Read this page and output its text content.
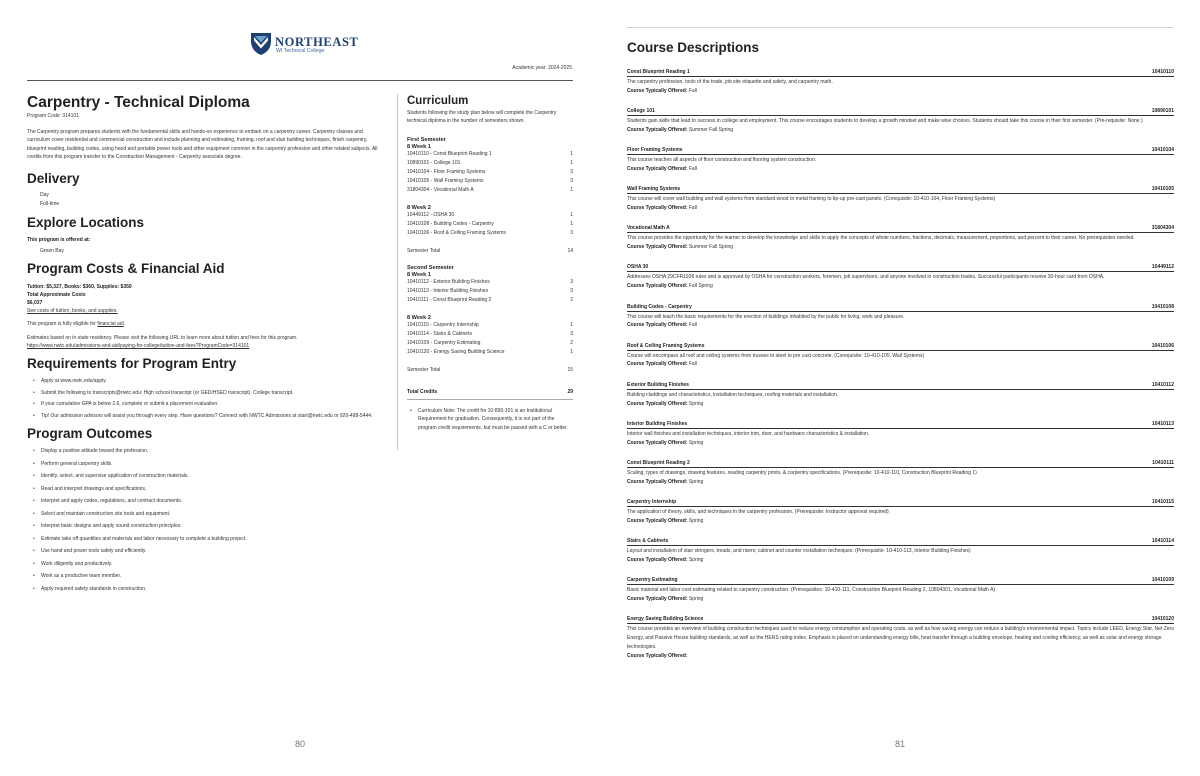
NORTHEAST
WI Technical College
Academic year: 2024-2025
Carpentry - Technical Diploma
Program Code: 314101

The Carpentry program prepares students with the fundamental skills and hands-on experience to embark on a carpentry career. Carpentry classes and curriculum cover residential and commercial construction and include planning and estimating, framing, roof and stair building techniques, finish carpentry, blueprint reading, building codes, using hand and portable power tools and other equipment common in the carpentry profession and other related subjects. All credits from this program transfer to the Construction Management - Carpentry associate degree.

Delivery
Day
Full-time
Explore Locations
This program is offered at:
Green Bay
Program Costs & Financial Aid
Tuition: $5,327, Books: $360, Supplies: $350
Total Approximate Costs
$6,037
See costs of tuition, books, and supplies.

This program is fully eligible for financial aid.

Estimates based on in-state residency. Please visit the following URL to learn more about tuition and fees for this program.

https://www.nwtc.edu/admissions-and-aid/paying-for-college/tuition-and-fees?ProgramCode=314101
Requirements for Program Entry
• Apply at www.nwtc.edu/apply.
• Submit the following to transcripts@nwtc.edu: High school transcript (or GED/HSED transcript). College transcript.
• If your cumulative GPA is below 2.6, complete or submit a placement evaluation.
• Tip! Our admission advisors will assist you through every step. Have questions? Connect with NWTC Admissions at start@nwtc.edu or 920-498-5444.
Program Outcomes
• Display a positive attitude toward the profession.
• Perform general carpentry skills.
• Identify, select, and supervise application of construction materials.
• Read and interpret drawings and specifications.
• Interpret and apply codes, regulations, and contract documents.
• Select and maintain construction site tools and equipment.
• Interpret basic designs and apply sound construction principles.
• Estimate take off quantities and materials and labor necessary to complete a building project.
• Use hand and power tools safely and efficiently.
• Work diligently and productively.
• Work as a productive team member.
• Apply required safety standards in construction.
Curriculum

Students following the study plan below will complete the Carpentry technical diploma in the number of semesters shown.

First Semester
8 Week 1
10410110 - Const Blueprint Reading 1	1
10890101 - College 101	1
10410104 - Floor Framing Systems	3
10410105 - Wall Framing Systems	3
31804304 - Vocational Math A	1
8 Week 2
10449112 - OSHA 30	1
10410108 - Building Codes - Carpentry	1
10410106 - Roof & Ceiling Framing Systems	3
Semester Total	14
Second Semester
8 Week 1
10410112 - Exterior Building Finishes	3
10410113 - Interior Building Finishes	3
10410111 - Const Blueprint Reading 2	2
8 Week 2
10410115 - Carpentry Internship	1
10410114 - Stairs & Cabinets	3
10410109 - Carpentry Estimating	2
10410120 - Energy Saving Building Science	1
Semester Total	15
Total Credits	29
• Curriculum Note: The credit for 10-890-101 is an Institutional Requirement for graduation. Consequently, it is not part of the program credit requirements, but must be passed with a C or better.
80
Course Descriptions
Const Blueprint Reading 1	10410110
The carpentry profession, tools of the trade, job site etiquette and safety, and carpentry math.
Course Typically Offered: Fall
College 101	10890101
Students gain skills that lead to success in college and employment. This course encourages students to develop a growth mindset and make wise choices. Students should take this course in their first semester. (Pre-requisite: None.)
Course Typically Offered: Summer Fall Spring
Floor Framing Systems	10410104
This course teaches all aspects of floor construction and flooring system construction.
Course Typically Offered: Fall
Wall Framing Systems	10410105
This course will cover wall building and wall systems from standard wood or metal framing to tip-up pre-cast panels. (Corequisite: 10-410-104, Floor Framing Systems)
Course Typically Offered: Fall
Vocational Math A	31804304
This course provides the opportunity for the learner to develop the knowledge and skills to apply the concepts of whole numbers, fractions, decimals, measurement, proportions, and percent to their career. No prerequisites needed.
Course Typically Offered: Summer Fall Spring
OSHA 30	10449112
Addresses OSHA 29CFR1926 rules and is approved by OSHA for construction workers, foremen, job supervisors, and anyone involved in construction trades. Successful participants receive 30-hour card from OSHA.
Course Typically Offered: Fall Spring
Building Codes - Carpentry	10410108
This course will teach the basic requirements for the erection of buildings inhabited by the public for living, work and pleasure.
Course Typically Offered: Fall
Roof & Ceiling Framing Systems	10410106
Course will encompass all roof and ceiling systems from trusses to steel to pre cast concrete. (Corequisite: 10-410-105, Wall Systems)
Course Typically Offered: Fall
Exterior Building Finishes	10410112
Building claddings and characteristics, installation techniques, roofing materials and installation.
Course Typically Offered: Spring
Interior Building Finishes	10410113
Interior wall finishes and installation techniques, interior trim, door, and hardware characteristics & installation.
Course Typically Offered: Spring
Const Blueprint Reading 2	10410111
Scaling, types of drawings, drawing features, reading carpentry prints, & carpentry specifications. (Prerequisite: 10-410-110, Construction Blueprint Reading 1)
Course Typically Offered: Spring
Carpentry Internship	10410115
The application of theory, skills, and techniques in the carpentry profession. (Prerequisite: Instructor approval required)
Course Typically Offered: Spring
Stairs & Cabinets	10410114
Layout and installation of stair stringers, treads, and risers; cabinet and counter installation techniques. (Prerequisite: 10-410-113, Interior Building Finishes)
Course Typically Offered: Spring
Carpentry Estimating	10410109
Basic material and labor cost estimating related to carpentry construction. (Prerequisites: 10-410-111, Construction Blueprint Reading 2, 10804301, Vocational Math A)
Course Typically Offered: Spring
Energy Saving Building Science	10410120
This course provides an overview of building construction techniques used to reduce energy consumption and operating costs, as well as how saving energy can reduce a building's environmental impact. Topics include LEED, Energy Star, Net Zero Energy, and Passive House building standards, as well as the HERS rating index. Emphasis is placed on understanding energy bills, heat transfer through a building envelope, heating and cooling efficiency, as well as solar and energy storage technologies.
Course Typically Offered:
81
